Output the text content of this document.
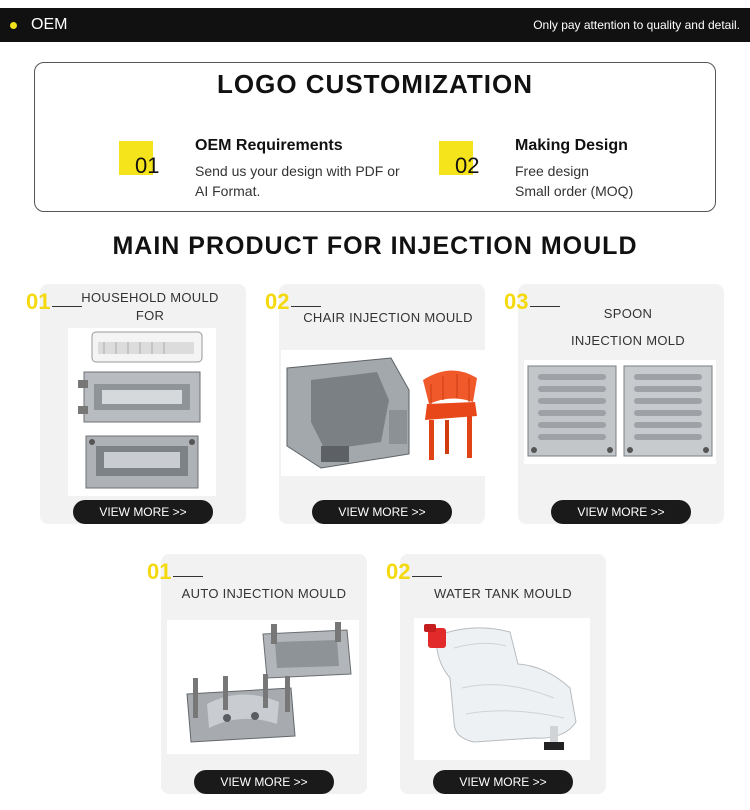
OEM	Only pay attention to quality and detail.
LOGO CUSTOMIZATION
01
OEM Requirements
Send us your design with PDF or
AI Format.
02
Making Design
Free design
Small order (MOQ)
MAIN PRODUCT FOR INJECTION MOULD
01	HOUSEHOLD MOULD FOR
VIEW MORE >>
02
CHAIR INJECTION MOULD
VIEW MORE >>
03	SPOON
INJECTION MOLD
VIEW MORE >>
01
AUTO INJECTION MOULD
VIEW MORE >>
02
WATER TANK MOULD
VIEW MORE >>
